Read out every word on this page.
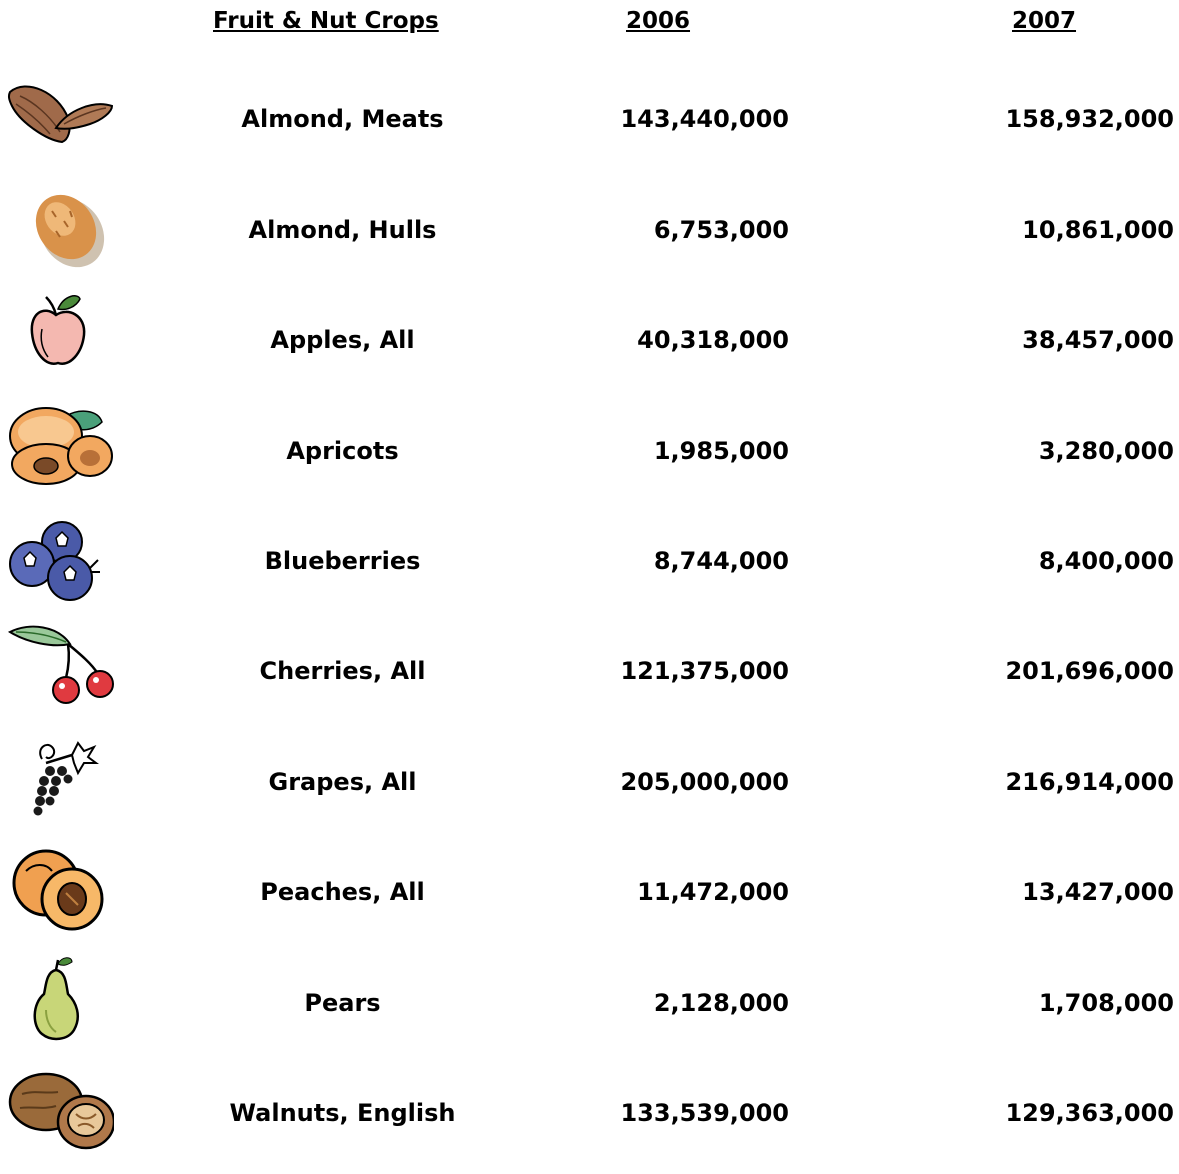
Fruit & Nut Crops	2006	2007
Almond, Meats	143,440,000	158,932,000
Almond, Hulls	6,753,000	10,861,000
Apples, All	40,318,000	38,457,000
Apricots	1,985,000	3,280,000
Blueberries	8,744,000	8,400,000
Cherries, All	121,375,000	201,696,000
Grapes, All	205,000,000	216,914,000
Peaches, All	11,472,000	13,427,000
Pears	2,128,000	1,708,000
Walnuts, English	133,539,000	129,363,000
